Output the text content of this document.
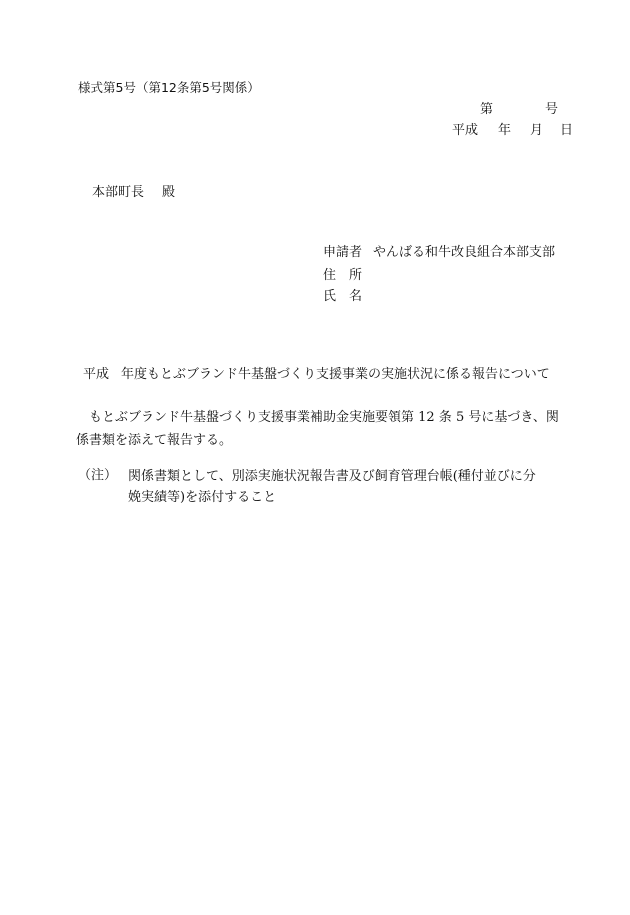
様式第5号（第12条第5号関係）
第	号
平成	年	月	日
本部町長	殿
申請者 やんばる和牛改良組合本部支部
住　所
氏　名
平成 年度もとぶブランド牛基盤づくり支援事業の実施状況に係る報告について
もとぶブランド牛基盤づくり支援事業補助金実施要領第 12 条 5 号に基づき、関係書類を添えて報告する。
（注） 関係書類として、別添実施状況報告書及び飼育管理台帳(種付並びに分娩実績等)を添付すること
